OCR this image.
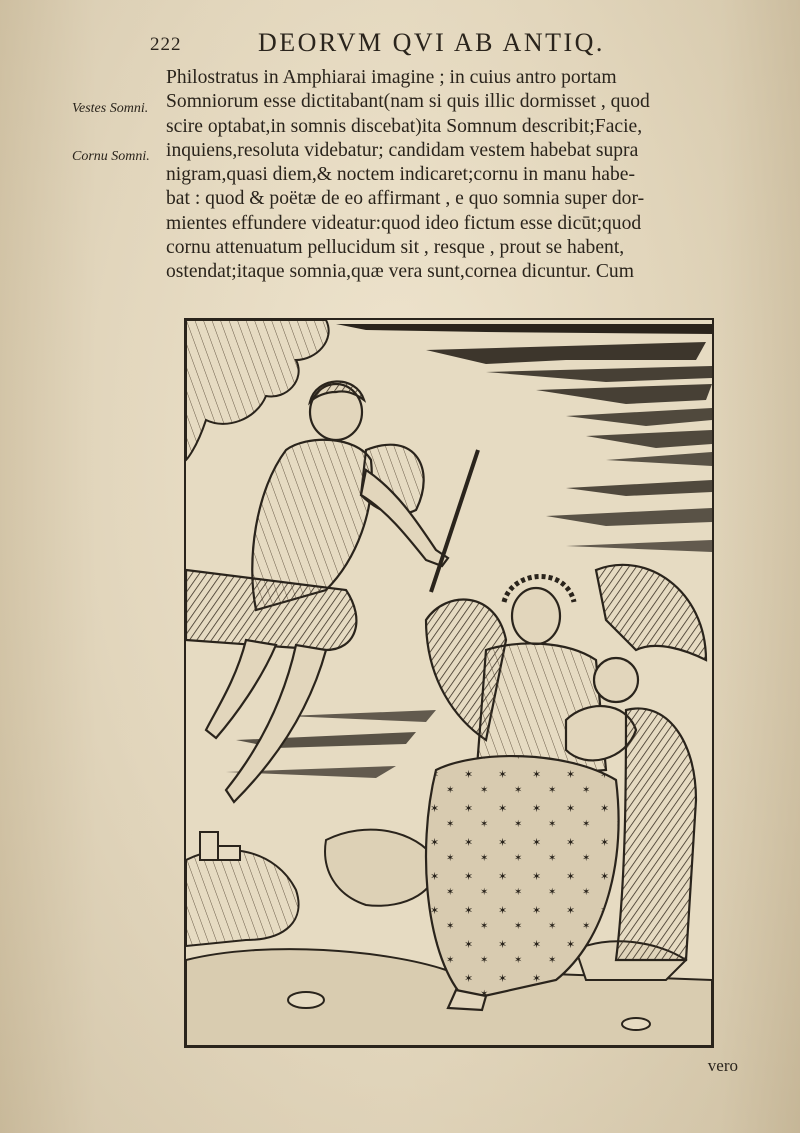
222	DEORVM QVI AB ANTIQ.
Vestes Somni.
Cornu Somni.
Philostratus in Amphiarai imagine ; in cuius antro portam
Somniorum esse dictitabant(nam si quis illic dormisset , quod
scire optabat,in somnis discebat)ita Somnum describit;Facie,
inquiens,resoluta videbatur; candidam vestem habebat supra
nigram,quasi diem,& noctem indicaret;cornu in manu habe-
bat : quod & poëtæ de eo affirmant , e quo somnia super dor-
mientes effundere videatur:quod ideo fictum esse dicūt;quod
cornu attenuatum pellucidum sit , resque , prout se habent,
ostendat;itaque somnia,quæ vera sunt,cornea dicuntur. Cum
vero
